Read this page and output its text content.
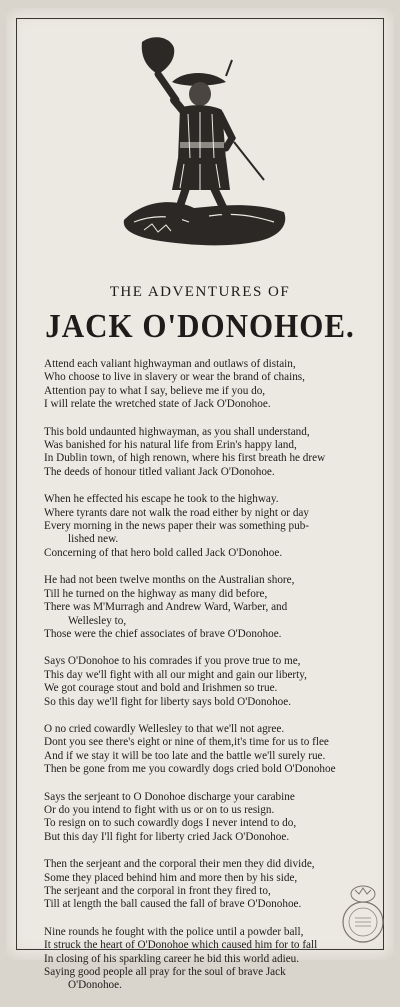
THE ADVENTURES OF
JACK O'DONOHOE.
Attend each valiant highwayman and outlaws of distain,
Who choose to live in slavery or wear the brand of chains,
Attention pay to what I say, believe me if you do,
I will relate the wretched state of Jack O'Donohoe.
This bold undaunted highwayman, as you shall understand,
Was banished for his natural life from Erin's happy land,
In Dublin town, of high renown, where his first breath he drew
The deeds of honour titled valiant Jack O'Donohoe.
When he effected his escape he took to the highway.
Where tyrants dare not walk the road either by night or day
Every morning in the news paper their was something pub-
lished new.
Concerning of that hero bold called Jack O'Donohoe.
He had not been twelve months on the Australian shore,
Till he turned on the highway as many did before,
There was M'Murragh and Andrew Ward, Warber, and
Wellesley to,
Those were the chief associates of brave O'Donohoe.
Says O'Donohoe to his comrades if you prove true to me,
This day we'll fight with all our might and gain our liberty,
We got courage stout and bold and Irishmen so true.
So this day we'll fight for liberty says bold O'Donohoe.
O no cried cowardly Wellesley to that we'll not agree.
Dont you see there's eight or nine of them,it's time for us to flee
And if we stay it will be too late and the battle we'll surely rue.
Then be gone from me you cowardly dogs cried bold O'Donohoe
Says the serjeant to O Donohoe discharge your carabine
Or do you intend to fight with us or on to us resign.
To resign on to such cowardly dogs I never intend to do,
But this day I'll fight for liberty cried Jack O'Donohoe.
Then the serjeant and the corporal their men they did divide,
Some they placed behind him and more then by his side,
The serjeant and the corporal in front they fired to,
Till at length the ball caused the fall of brave O'Donohoe.
Nine rounds he fought with the police until a powder ball,
It struck the heart of O'Donohoe which caused him for to fall
In closing of his sparkling career he bid this world adieu.
Saying good people all pray for the soul of brave Jack
O'Donohoe.
